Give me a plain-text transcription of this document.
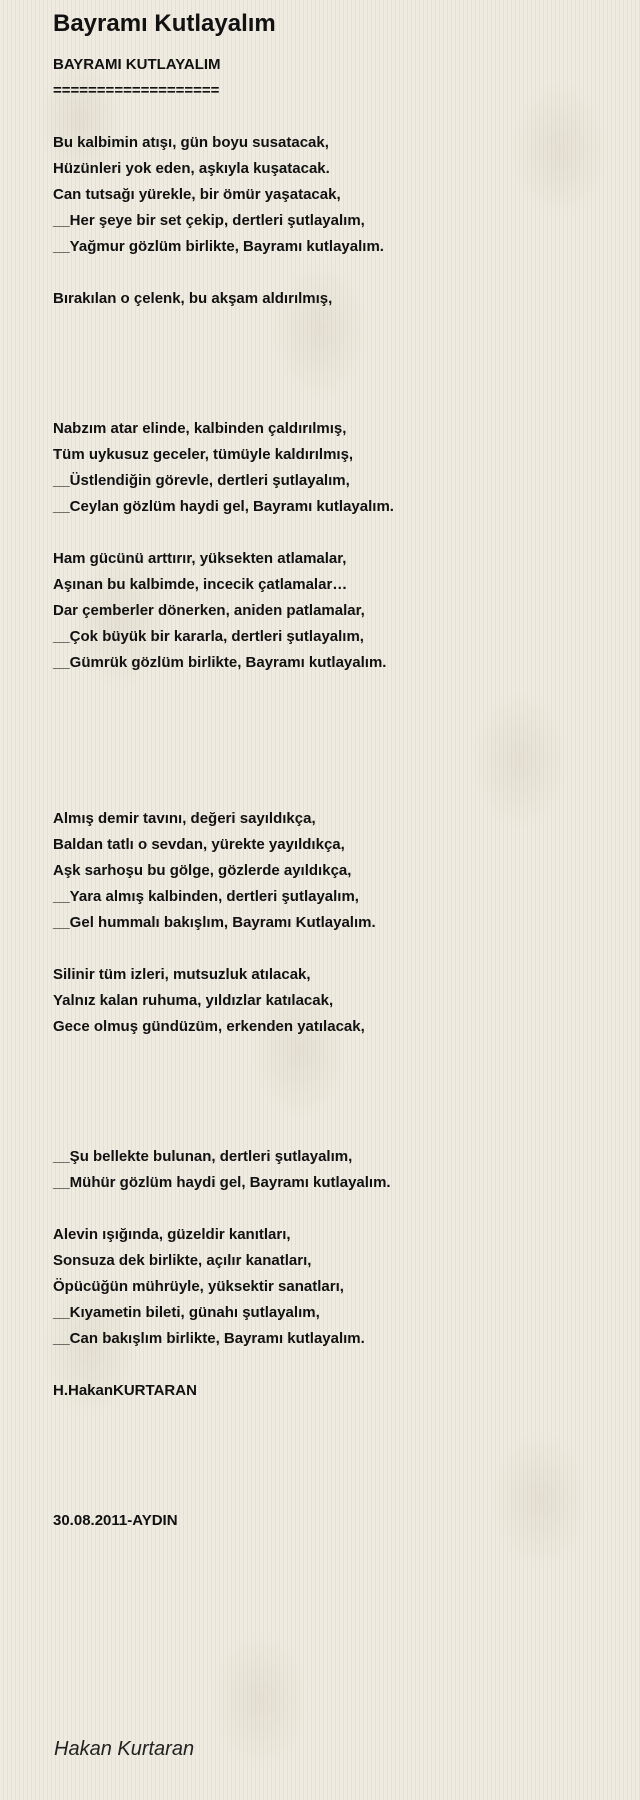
Bayramı Kutlayalım
BAYRAMI KUTLAYALIM
===================
Bu kalbimin atışı, gün boyu susatacak,
Hüzünleri yok eden, aşkıyla kuşatacak.
Can tutsağı yürekle, bir ömür yaşatacak,
__Her şeye bir set çekip, dertleri şutlayalım,
__Yağmur gözlüm birlikte, Bayramı kutlayalım.
Bırakılan o çelenk, bu akşam aldırılmış,
Nabzım atar elinde, kalbinden çaldırılmış,
Tüm uykusuz geceler, tümüyle kaldırılmış,
__Üstlendiğin görevle, dertleri şutlayalım,
__Ceylan gözlüm haydi gel, Bayramı kutlayalım.
Ham gücünü arttırır, yüksekten atlamalar,
Aşınan bu kalbimde, incecik çatlamalar…
Dar çemberler dönerken, aniden patlamalar,
__Çok büyük bir kararla, dertleri şutlayalım,
__Gümrük gözlüm birlikte, Bayramı kutlayalım.
Almış demir tavını, değeri sayıldıkça,
Baldan tatlı o sevdan, yürekte yayıldıkça,
Aşk sarhoşu bu gölge, gözlerde ayıldıkça,
__Yara almış kalbinden, dertleri şutlayalım,
__Gel hummalı bakışlım, Bayramı Kutlayalım.
Silinir tüm izleri, mutsuzluk atılacak,
Yalnız kalan ruhuma, yıldızlar katılacak,
Gece olmuş gündüzüm, erkenden yatılacak,
__Şu bellekte bulunan, dertleri şutlayalım,
__Mühür gözlüm haydi gel, Bayramı kutlayalım.
Alevin ışığında, güzeldir kanıtları,
Sonsuza dek birlikte, açılır kanatları,
Öpücüğün mührüyle, yüksektir sanatları,
__Kıyametin bileti, günahı şutlayalım,
__Can bakışlım birlikte, Bayramı kutlayalım.
H.HakanKURTARAN
30.08.2011-AYDIN
Hakan Kurtaran
